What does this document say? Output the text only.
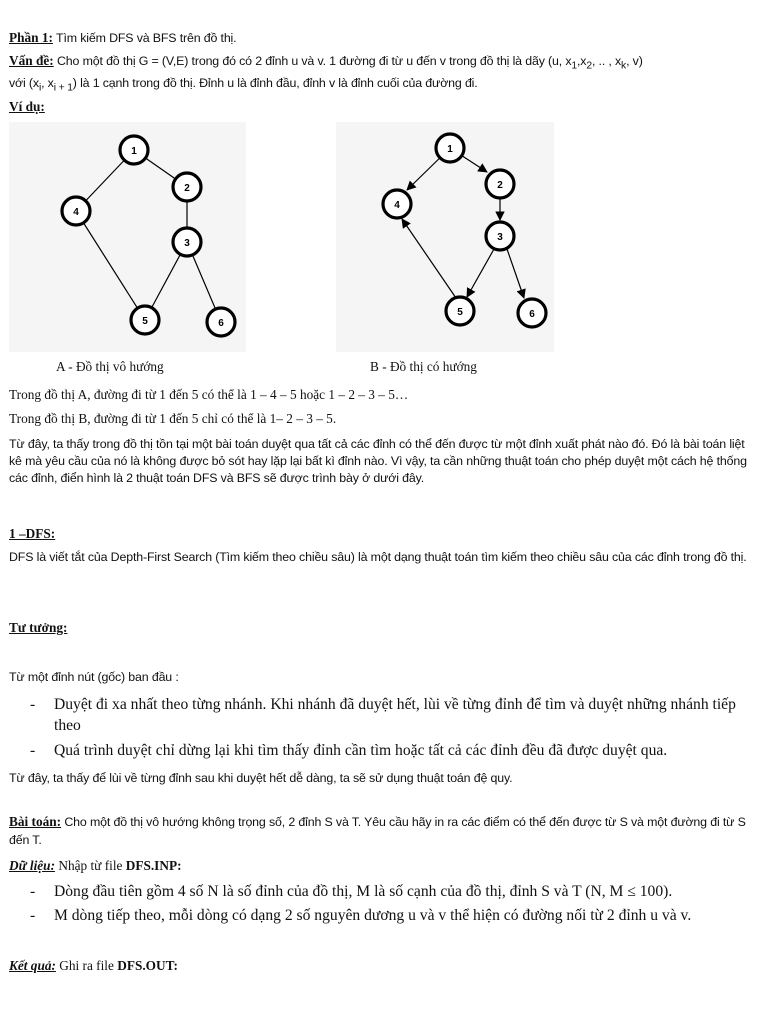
Phần 1: Tìm kiếm DFS và BFS trên đồ thị.
Vấn đề: Cho một đồ thị G = (V,E) trong đó có 2 đỉnh u và v. 1 đường đi từ u đến v trong đồ thị là dãy (u, $x_1,x_2$, .. , $x_k$, v)
với ($x_i$, $x_{i + 1}$) là 1 cạnh trong đồ thị. Đỉnh u là đỉnh đầu, đỉnh v là đỉnh cuối của đường đi.
Ví dụ:
1
2
3
4
5	6
1
2
3
4
5	6
A - Đồ thị vô hướng	B - Đồ thị có hướng
Trong đồ thị A, đường đi từ 1 đến 5 có thể là 1 – 4 – 5 hoặc 1 – 2 – 3 – 5…
Trong đồ thị B, đường đi từ 1 đến 5 chỉ có thể là 1– 2 – 3 – 5.
Từ đây, ta thấy trong đồ thị tồn tại một bài toán duyệt qua tất cả các đỉnh có thể đến được từ một đỉnh xuất phát nào đó. Đó là bài toán liệt kê mà yêu cầu của nó là không được bỏ sót hay lặp lại bất kì đỉnh nào. Vì vậy, ta cần những thuật toán cho phép duyệt một cách hệ thống các đỉnh, điển hình là 2 thuật toán DFS và BFS sẽ được trình bày ở dưới đây.
1 –DFS:
DFS là viết tắt của Depth-First Search (Tìm kiếm theo chiều sâu) là một dạng thuật toán tìm kiếm theo chiều sâu của các đỉnh trong đồ thị.
Tư tưởng:
Từ một đỉnh nút (gốc) ban đầu :
- Duyệt đi xa nhất theo từng nhánh. Khi nhánh đã duyệt hết, lùi về từng đỉnh để tìm và duyệt những nhánh tiếp theo
- Quá trình duyệt chỉ dừng lại khi tìm thấy đỉnh cần tìm hoặc tất cả các đỉnh đều đã được duyệt qua.
Từ đây, ta thấy để lùi về từng đỉnh sau khi duyệt hết dễ dàng, ta sẽ sử dụng thuật toán đệ quy.
Bài toán: Cho một đồ thị vô hướng không trọng số, 2 đỉnh S và T. Yêu cầu hãy in ra các điểm có thể đến được từ S và một đường đi từ S đến T.
Dữ liệu: Nhập từ file DFS.INP:
- Dòng đầu tiên gồm 4 số N là số đỉnh của đồ thị, M là số cạnh của đồ thị, đỉnh S và T (N, M ≤ 100).
- M dòng tiếp theo, mỗi dòng có dạng 2 số nguyên dương u và v thể hiện có đường nối từ 2 đỉnh u và v.
Kết quả: Ghi ra file DFS.OUT:
